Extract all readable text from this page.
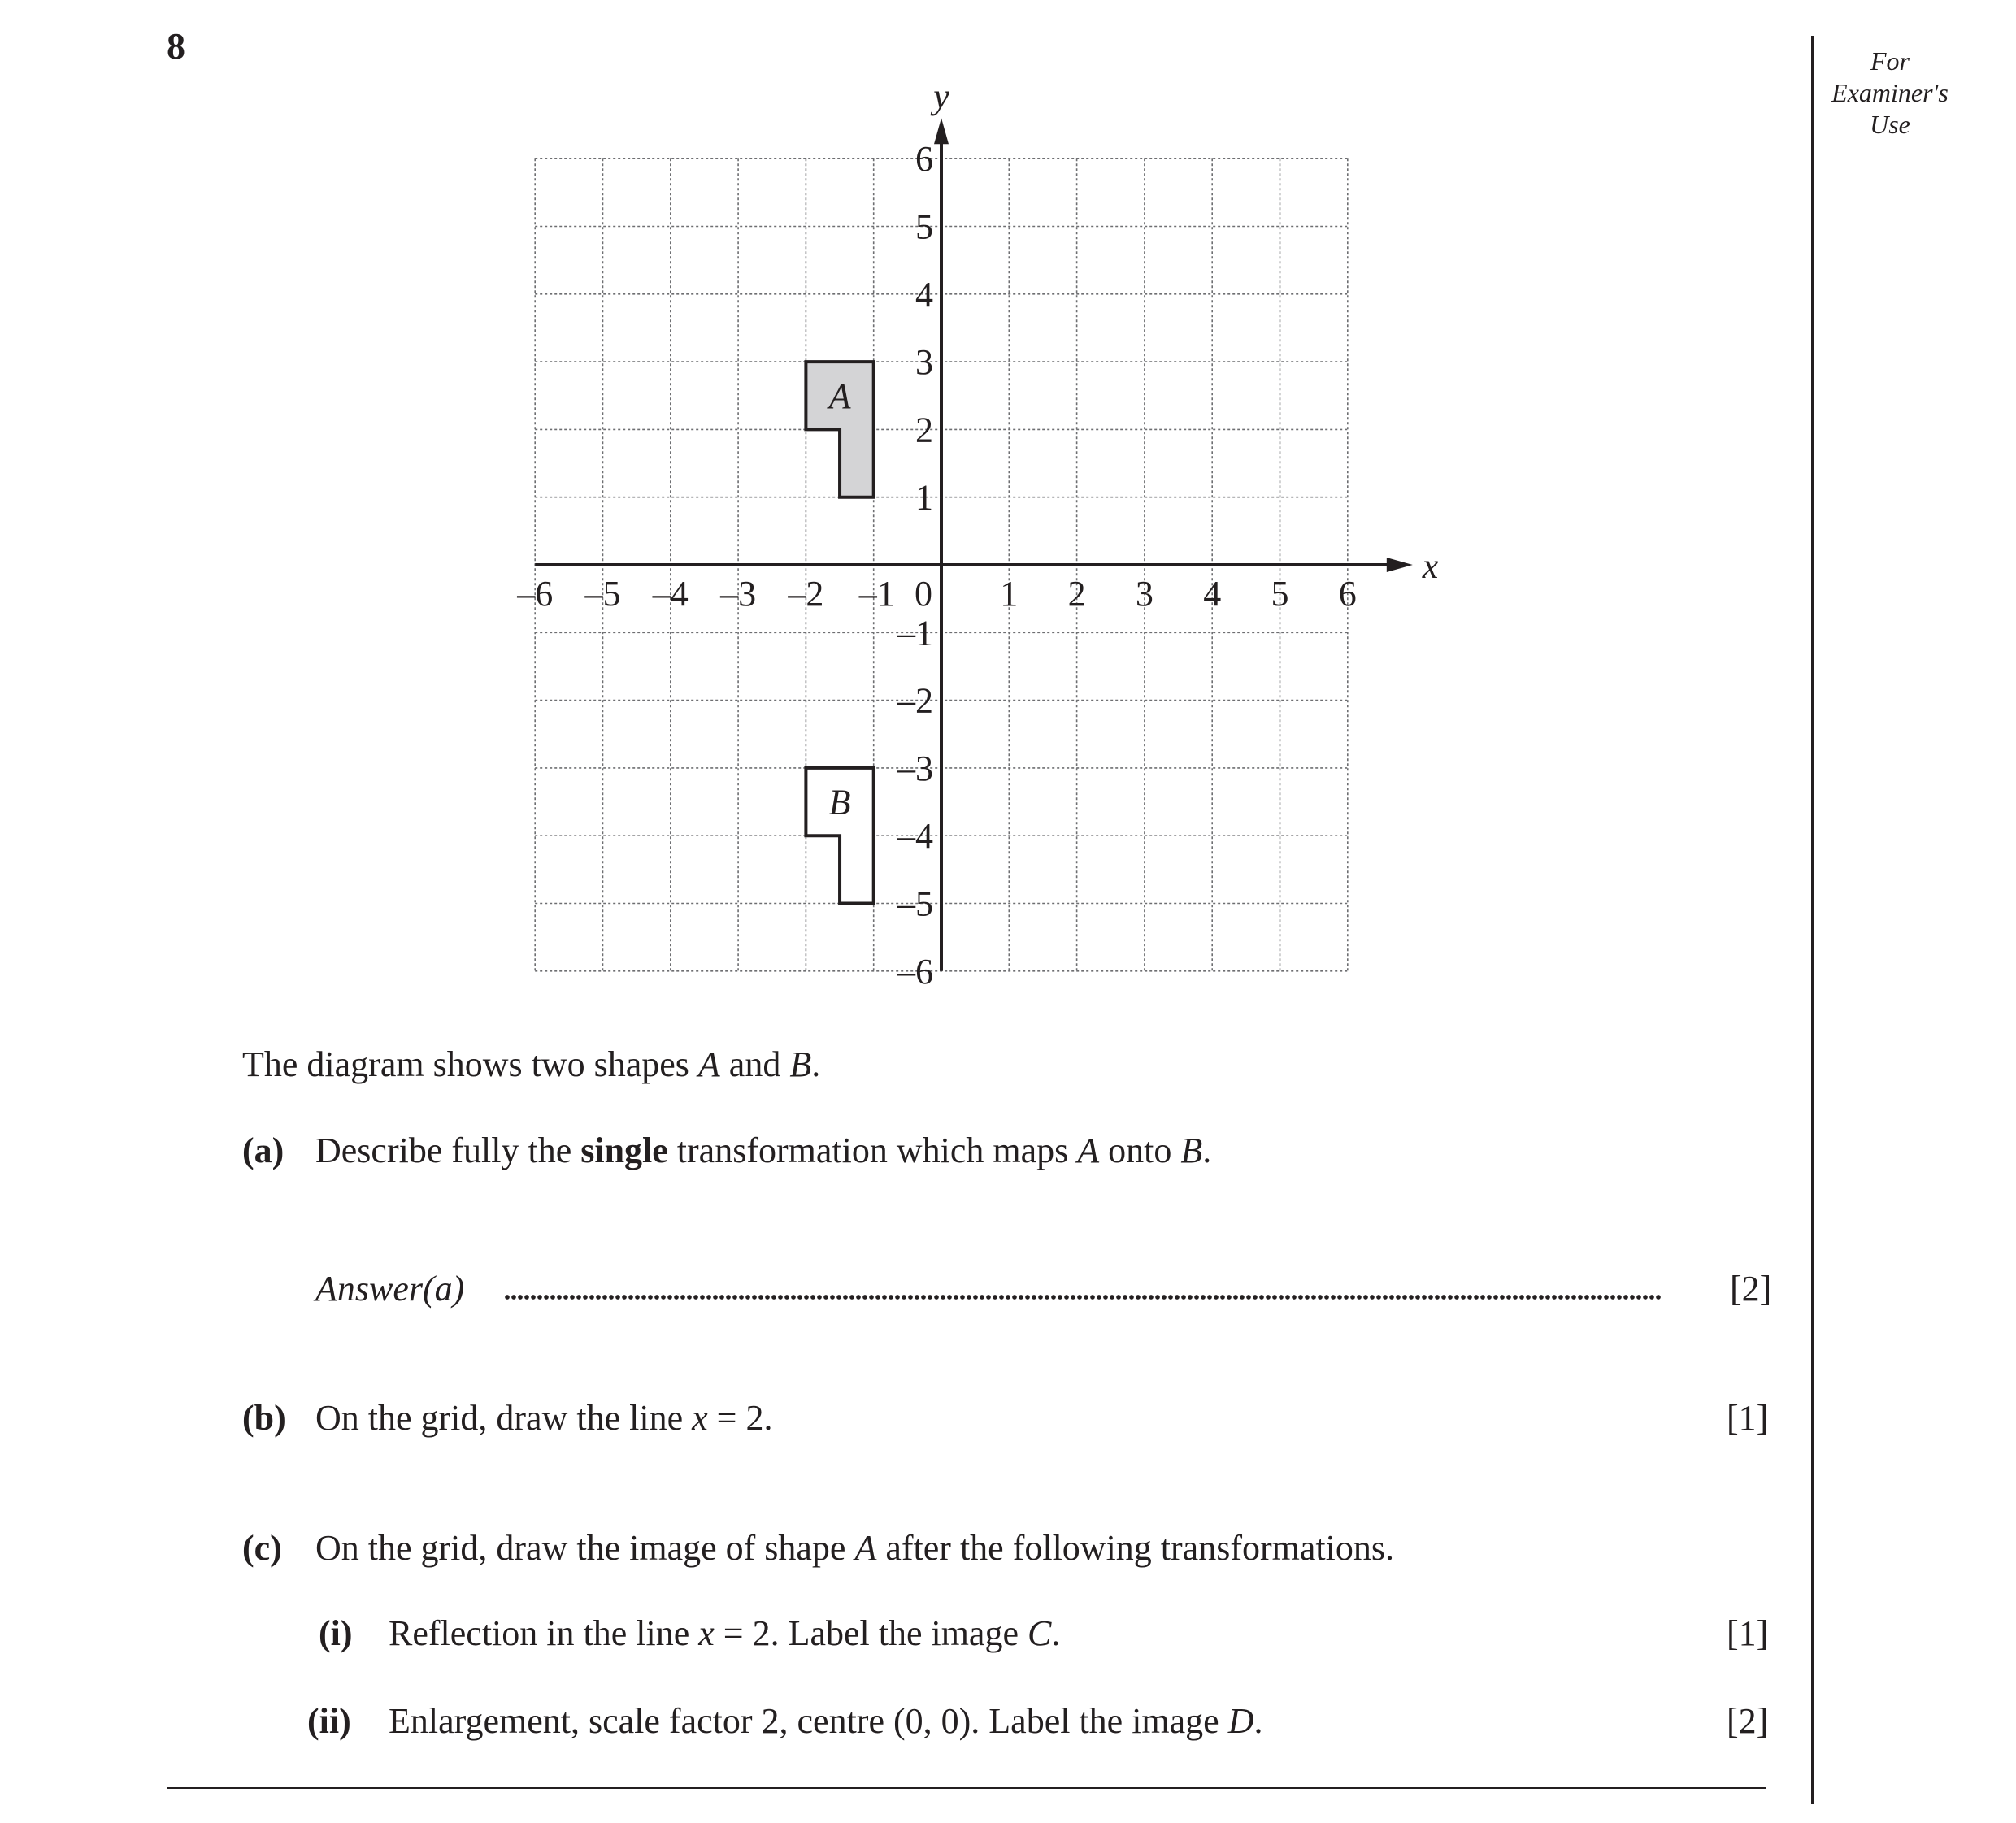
8	For
Examiner's
Use
A
B
x
y
–6 –5 –4 –3 –2 –1 0 1 2 3 4 5 6
6
5
4
3
2
1
–1
–2
–3
–4
–5
–6
The diagram shows two shapes A and B.
(a) Describe fully the single transformation which maps A onto B.
Answer(a)	[2]
(b) On the grid, draw the line x = 2.	[1]
(c) On the grid, draw the image of shape A after the following transformations.
(i) Reflection in the line x = 2. Label the image C.	[1]
(ii) Enlargement, scale factor 2, centre (0, 0). Label the image D.	[2]
